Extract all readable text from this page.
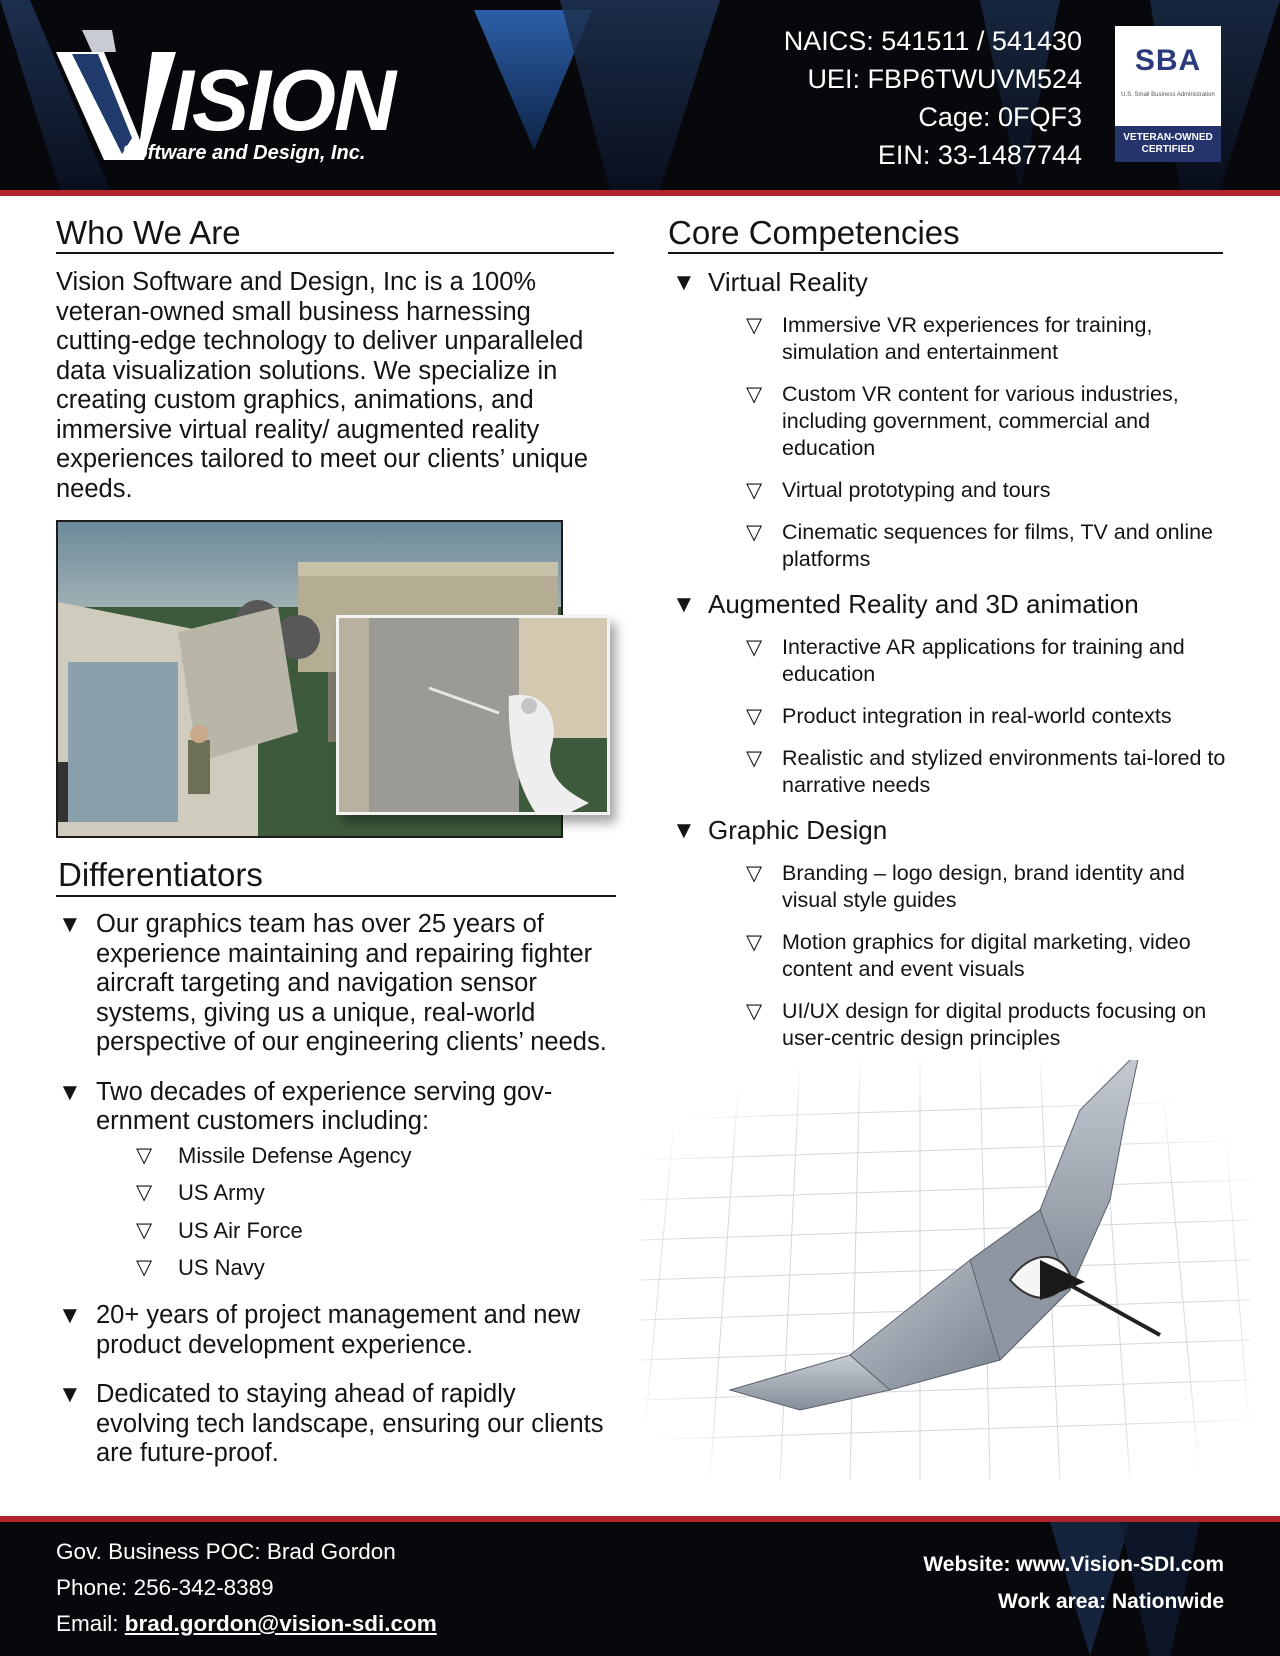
ISION
Software and Design, Inc.
NAICS: 541511 / 541430
UEI: FBP6TWUVM524
Cage: 0FQF3
EIN: 33-1487744
SBA
U.S. Small Business Administration
VETERAN-OWNED CERTIFIED
Who We Are

Vision Software and Design, Inc is a 100% veteran-owned small business harnessing cutting-edge technology to deliver unparalleled data visualization solutions. We specialize in creating custom graphics, animations, and immersive virtual reality/ augmented reality experiences tailored to meet our clients’ unique needs.

Differentiators
▼ Our graphics team has over 25 years of experience maintaining and repairing fighter aircraft targeting and navigation sensor systems, giving us a unique, real-world perspective of our engineering clients’ needs.
▼ Two decades of experience serving gov-ernment customers including:
▽ Missile Defense Agency
▽ US Army
▽ US Air Force
▽ US Navy
▼ 20+ years of project management and new product development experience.
▼ Dedicated to staying ahead of rapidly evolving tech landscape, ensuring our clients are future-proof.
Core Competencies
▼ Virtual Reality
▽ Immersive VR experiences for training, simulation and entertainment
▽ Custom VR content for various industries, including government, commercial and education
▽ Virtual prototyping and tours
▽ Cinematic sequences for films, TV and online platforms
▼ Augmented Reality and 3D animation
▽ Interactive AR applications for training and education
▽ Product integration in real-world contexts
▽ Realistic and stylized environments tai-lored to narrative needs
▼ Graphic Design
▽ Branding – logo design, brand identity and visual style guides
▽ Motion graphics for digital marketing, video content and event visuals
▽ UI/UX design for digital products focusing on user-centric design principles
Gov. Business POC: Brad Gordon
Phone: 256-342-8389
Email: brad.gordon@vision-sdi.com
Website: www.Vision-SDI.com
Work area: Nationwide
